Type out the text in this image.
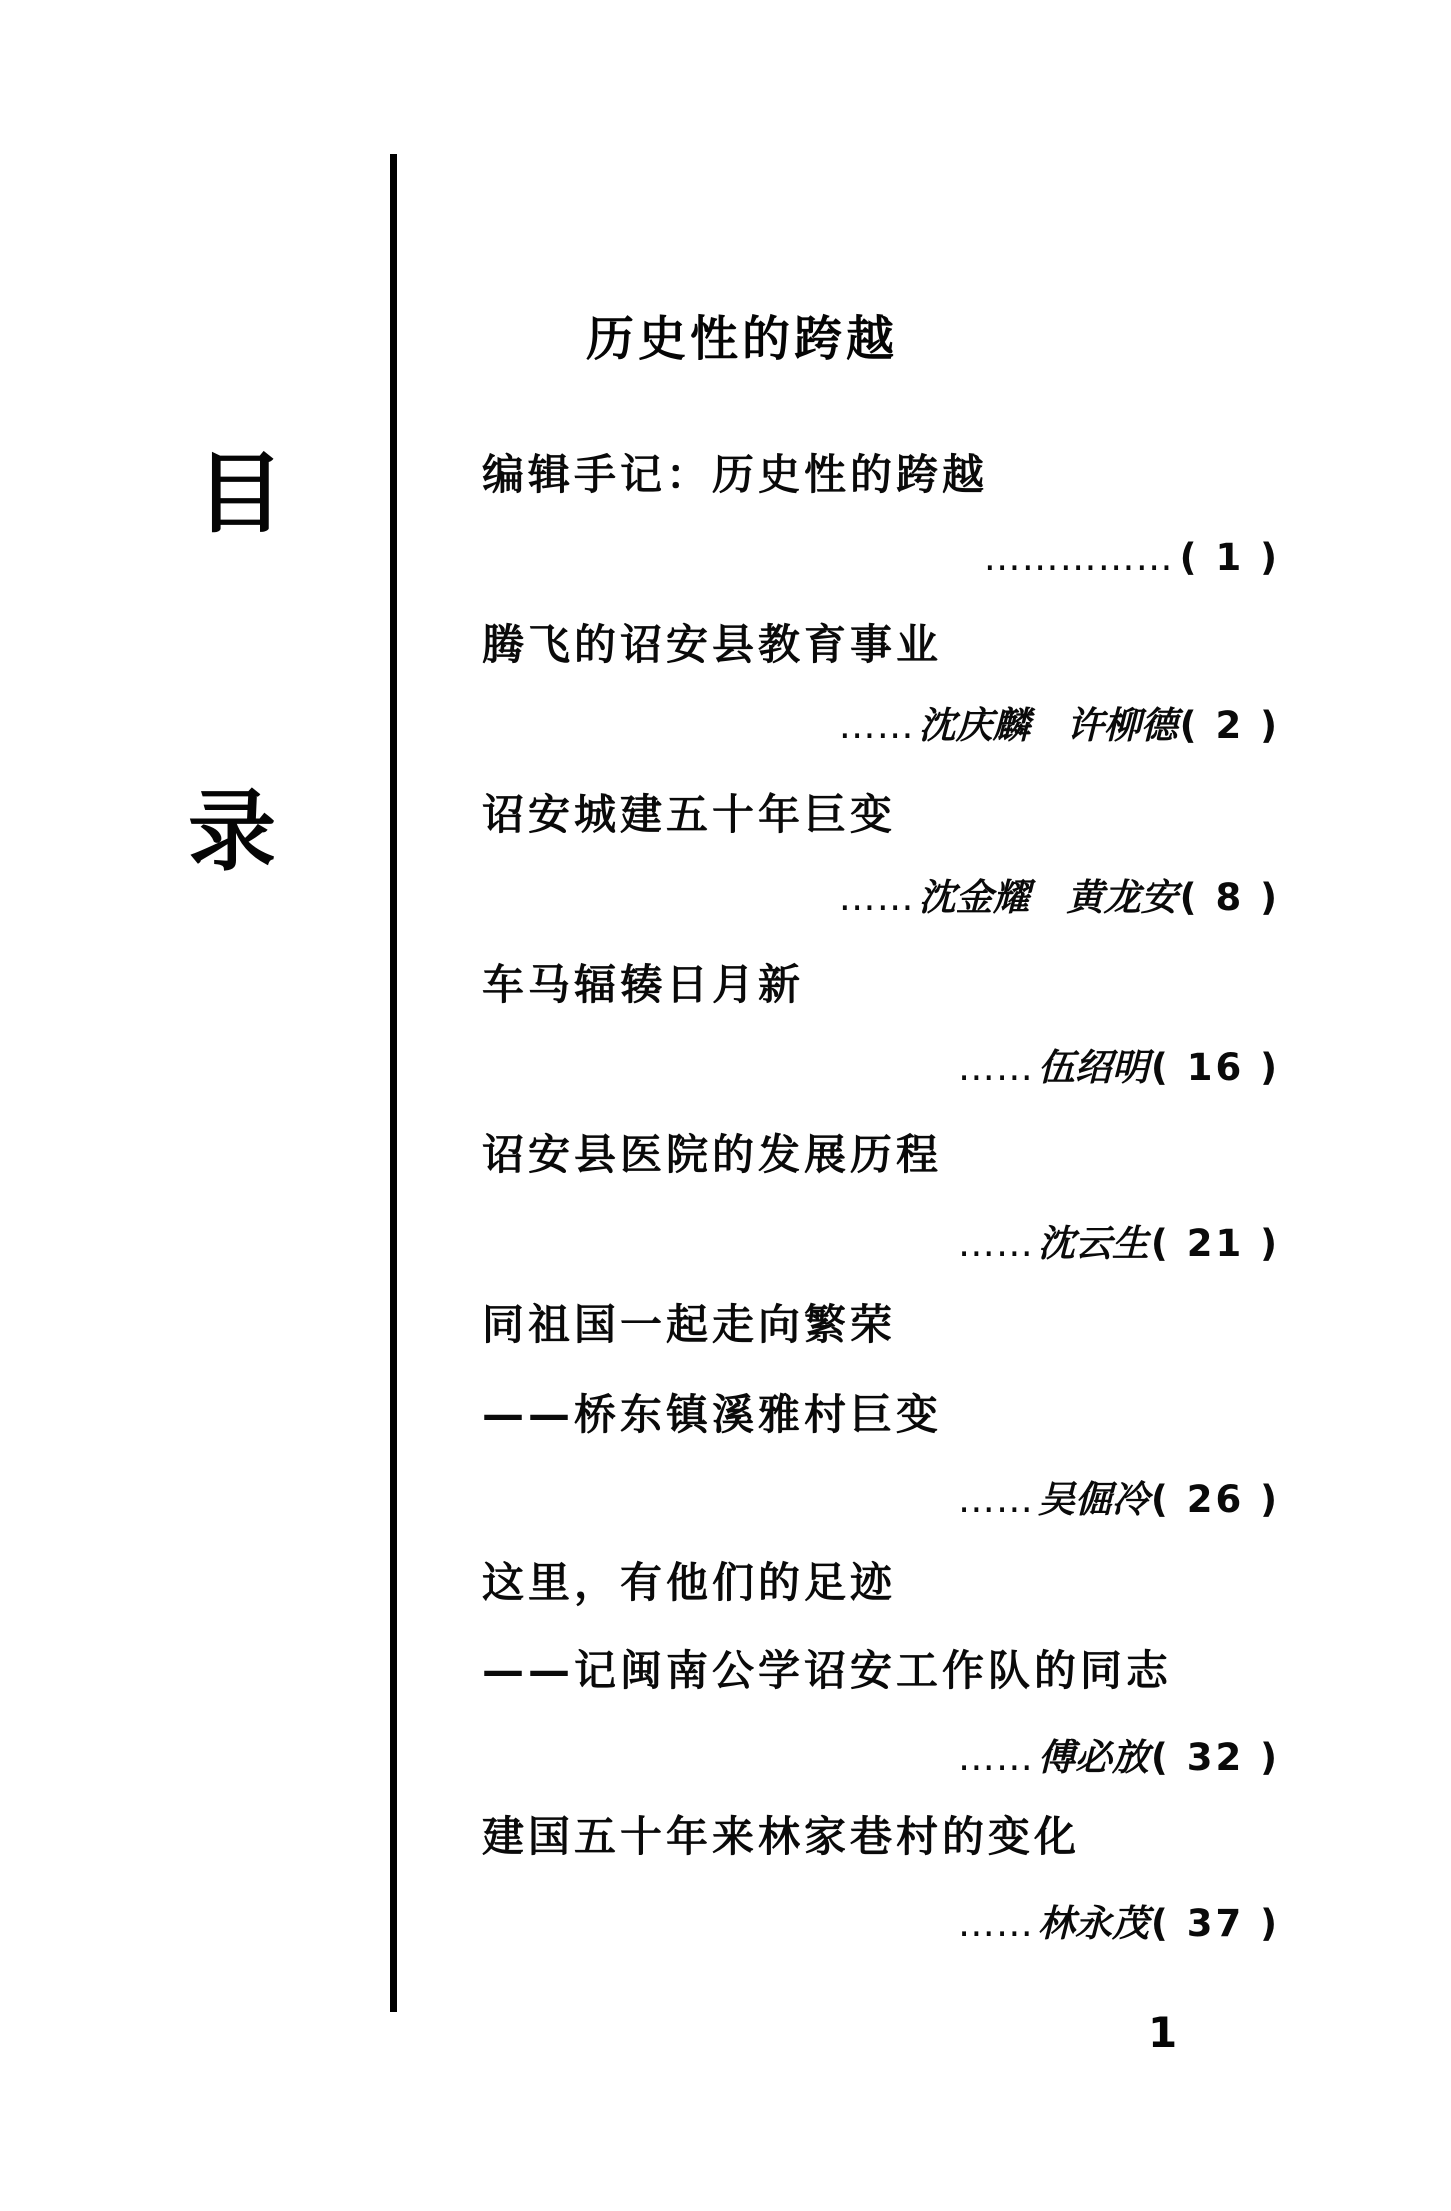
目
录
历史性的跨越
编辑手记：历史性的跨越
…………… ( 1 )
腾飞的诏安县教育事业
…… 沈庆麟　许柳德( 2 )
诏安城建五十年巨变
…… 沈金耀　黄龙安( 8 )
车马辐辏日月新
…… 伍绍明( 16 )
诏安县医院的发展历程
…… 沈云生( 21 )
同祖国一起走向繁荣
——桥东镇溪雅村巨变
…… 吴倔冷( 26 )
这里，有他们的足迹
——记闽南公学诏安工作队的同志
…… 傅必放( 32 )
建国五十年来林家巷村的变化
…… 林永茂( 37 )
1
